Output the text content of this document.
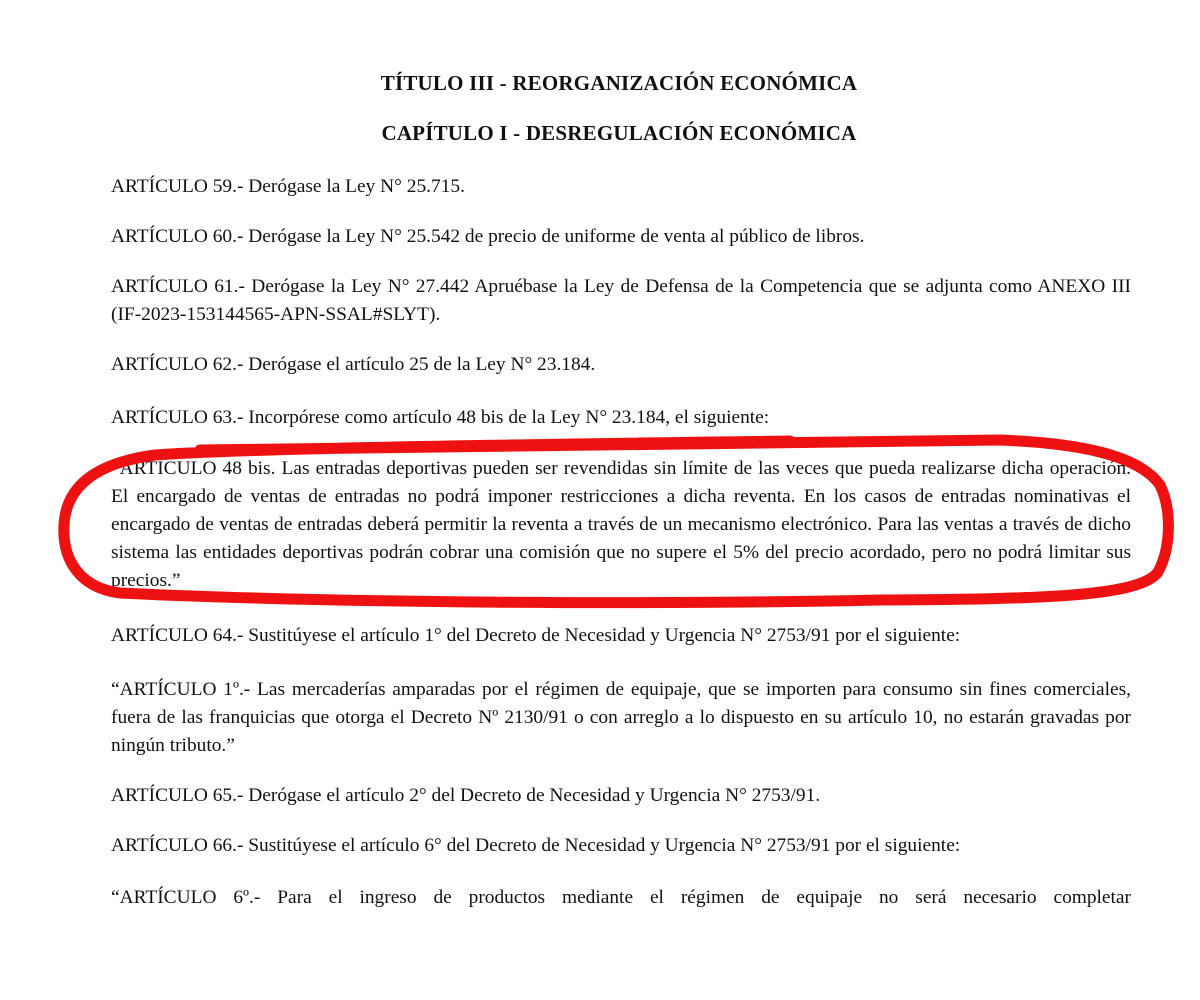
TÍTULO III - REORGANIZACIÓN ECONÓMICA
CAPÍTULO I - DESREGULACIÓN ECONÓMICA
ARTÍCULO 59.- Derógase la Ley N° 25.715.
ARTÍCULO 60.- Derógase la Ley N° 25.542 de precio de uniforme de venta al público de libros.
ARTÍCULO 61.- Derógase la Ley N° 27.442 Apruébase la Ley de Defensa de la Competencia que se adjunta como ANEXO III (IF-2023-153144565-APN-SSAL#SLYT).
ARTÍCULO 62.- Derógase el artículo 25 de la Ley N° 23.184.
ARTÍCULO 63.- Incorpórese como artículo 48 bis de la Ley N° 23.184, el siguiente:
“ARTICULO 48 bis. Las entradas deportivas pueden ser revendidas sin límite de las veces que pueda realizarse dicha operación. El encargado de ventas de entradas no podrá imponer restricciones a dicha reventa. En los casos de entradas nominativas el encargado de ventas de entradas deberá permitir la reventa a través de un mecanismo electrónico. Para las ventas a través de dicho sistema las entidades deportivas podrán cobrar una comisión que no supere el 5% del precio acordado, pero no podrá limitar sus precios.”
ARTÍCULO 64.- Sustitúyese el artículo 1° del Decreto de Necesidad y Urgencia N° 2753/91 por el siguiente:
“ARTÍCULO 1º.- Las mercaderías amparadas por el régimen de equipaje, que se importen para consumo sin fines comerciales, fuera de las franquicias que otorga el Decreto Nº 2130/91 o con arreglo a lo dispuesto en su artículo 10, no estarán gravadas por ningún tributo.”
ARTÍCULO 65.- Derógase el artículo 2° del Decreto de Necesidad y Urgencia N° 2753/91.
ARTÍCULO 66.- Sustitúyese el artículo 6° del Decreto de Necesidad y Urgencia N° 2753/91 por el siguiente:
“ARTÍCULO 6º.- Para el ingreso de productos mediante el régimen de equipaje no será necesario completar
